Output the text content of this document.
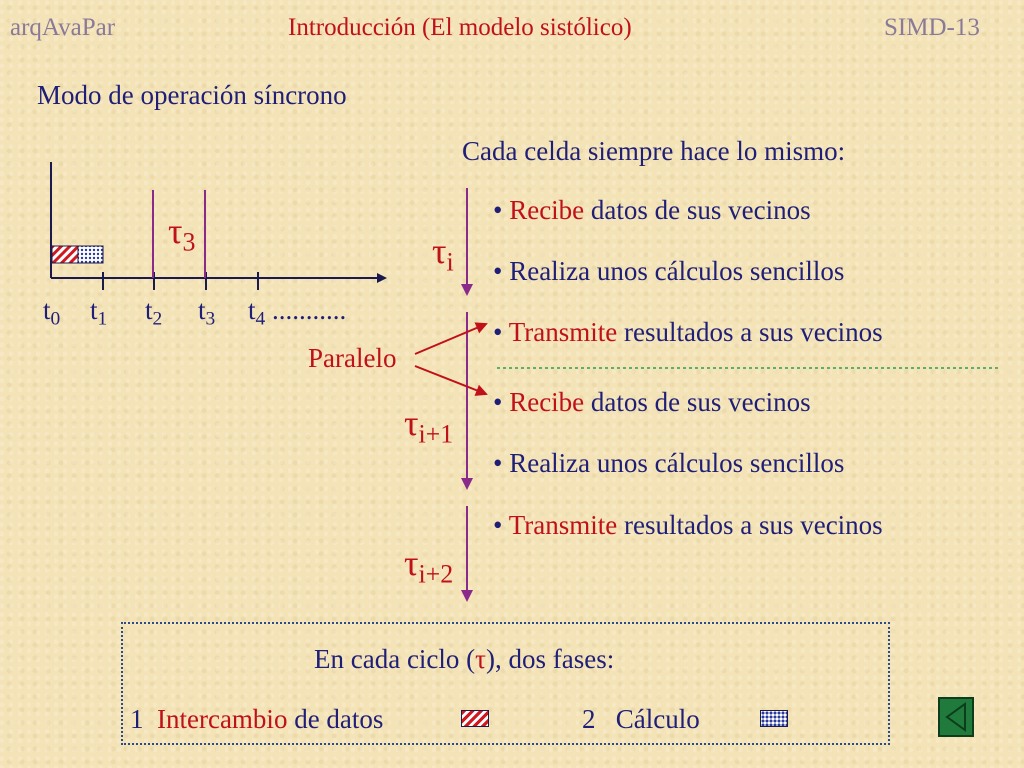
arqAvaPar	Introducción (El modelo sistólico)	SIMD-13
Modo de operación síncrono
$\tau_3$
$t_0$ $t_1$ $t_2$ $t_3$ $t_4$ ...........
Paralelo
Cada celda siempre hace lo mismo:
$\tau_i$
$\tau_{i+1}$
$\tau_{i+2}$
• Recibe datos de sus vecinos
• Realiza unos cálculos sencillos
• Transmite resultados a sus vecinos
• Recibe datos de sus vecinos
• Realiza unos cálculos sencillos
• Transmite resultados a sus vecinos
En cada ciclo (τ), dos fases:
1 Intercambio de datos	2 Cálculo
